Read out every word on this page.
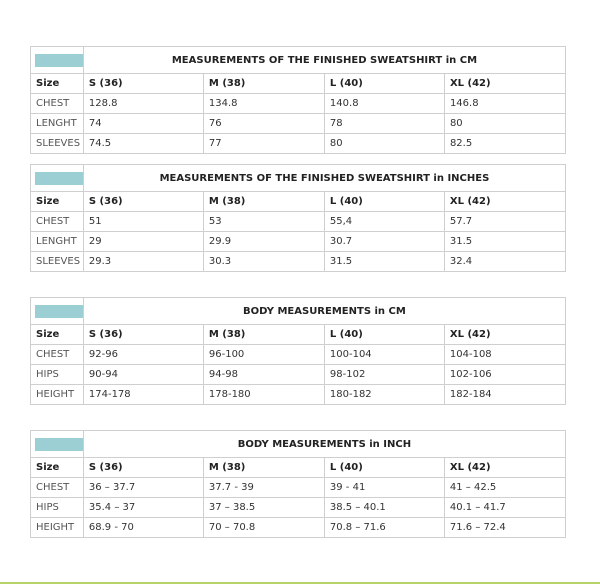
	MEASUREMENTS OF THE FINISHED SWEATSHIRT in CM			
Size	S (36)	M (38)	L (40)	XL (42)
CHEST	128.8	134.8	140.8	146.8
LENGHT	74	76	78	80
SLEEVES	74.5	77	80	82.5
	MEASUREMENTS OF THE FINISHED SWEATSHIRT in INCHES			
Size	S (36)	M (38)	L (40)	XL (42)
CHEST	51	53	55,4	57.7
LENGHT	29	29.9	30.7	31.5
SLEEVES	29.3	30.3	31.5	32.4
	BODY MEASUREMENTS in CM			
Size	S (36)	M (38)	L (40)	XL (42)
CHEST	92-96	96-100	100-104	104-108
HIPS	90-94	94-98	98-102	102-106
HEIGHT	174-178	178-180	180-182	182-184
	BODY MEASUREMENTS in INCH			
Size	S (36)	M (38)	L (40)	XL (42)
CHEST	36 – 37.7	37.7 - 39	39 - 41	41 – 42.5
HIPS	35.4 – 37	37 – 38.5	38.5 – 40.1	40.1 – 41.7
HEIGHT	68.9 - 70	70 – 70.8	70.8 – 71.6	71.6 – 72.4
